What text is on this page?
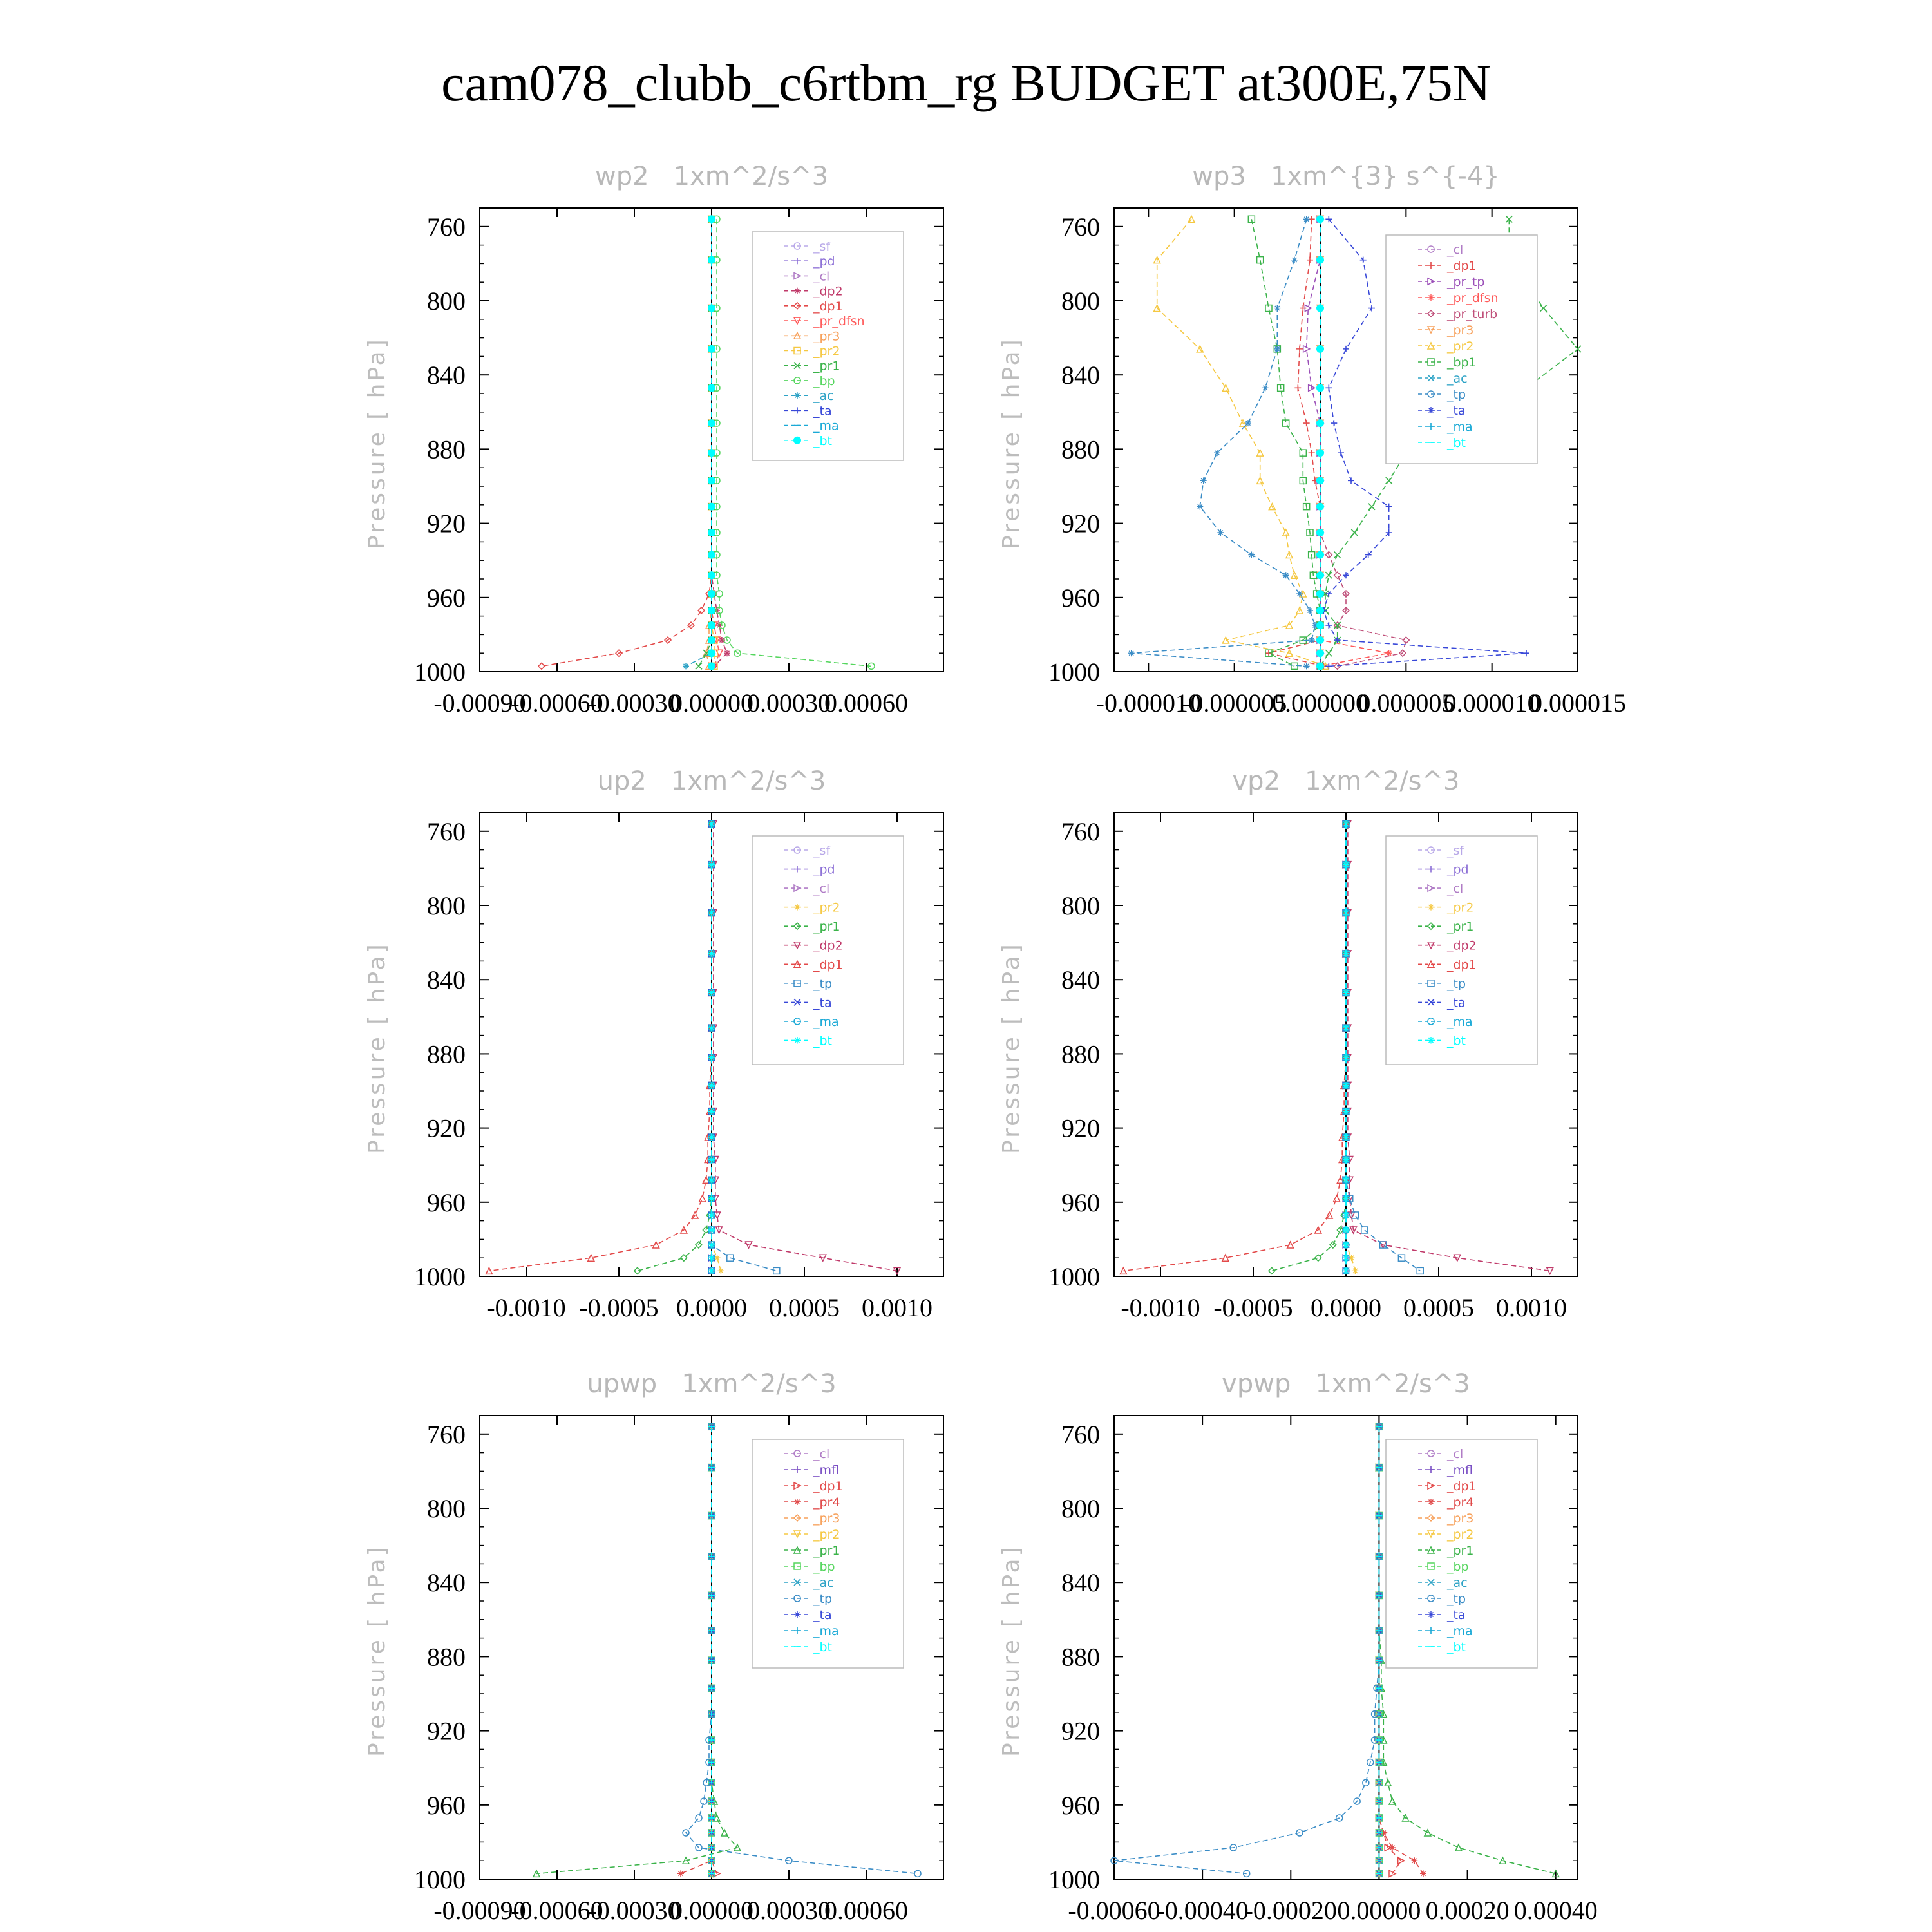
cam078_clubb_c6rtbm_rg BUDGET at300E,75N
760
800
840
880
920
960
1000
-0.00090
-0.00060
-0.00030
0.00000
0.00030
0.00060
_sf
_pd
_cl
_dp2
_dp1
_pr_dfsn
_pr3
_pr2
_pr1
_bp
_ac
_ta
_ma
_bt
760
800
840
880
920
960
1000
-0.000010
-0.000005
0.000000
0.000005
0.000010
0.000015
_cl
_dp1
_pr_tp
_pr_dfsn
_pr_turb
_pr3
_pr2
_bp1
_ac
_tp
_ta
_ma
_bt
760
800
840
880
920
960
1000
-0.0010 -0.0005 0.0000 0.0005 0.0010
_sf
_pd
_cl
_pr2
_pr1
_dp2
_dp1
_tp
_ta
_ma
_bt
760
800
840
880
920
960
1000
-0.0010 -0.0005 0.0000 0.0005 0.0010
_sf
_pd
_cl
_pr2
_pr1
_dp2
_dp1
_tp
_ta
_ma
_bt
760
800
840
880
920
960
1000
-0.00090
-0.00060
-0.00030
0.00000
0.00030
0.00060
_cl
_mfl
_dp1
_pr4
_pr3
_pr2
_pr1
_bp
_ac
_tp
_ta
_ma
_bt
760
800
840
880
920
960
1000
-0.00060
-0.00040
-0.00020 0.00000 0.00020 0.00040
_cl
_mfl
_dp1
_pr4
_pr3
_pr2
_pr1
_bp
_ac
_tp
_ta
_ma
_bt
wp2   1xm^2/s^3
Pressure [ hPa]
wp3   1xm^{3} s^{-4}
Pressure [ hPa]
up2   1xm^2/s^3
Pressure [ hPa]
vp2   1xm^2/s^3
Pressure [ hPa]
upwp   1xm^2/s^3
Pressure [ hPa]
vpwp   1xm^2/s^3
Pressure [ hPa]
